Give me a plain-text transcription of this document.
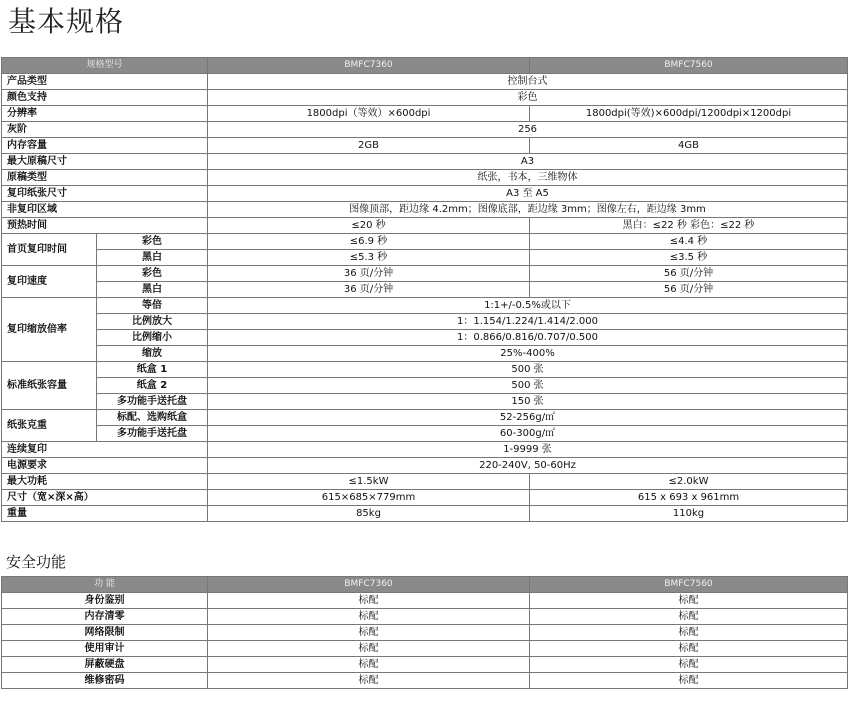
基本规格
规格型号		BMFC7360	BMFC7560
产品类型		控制台式	
颜色支持		彩色	
分辨率		1800dpi（等效）×600dpi	1800dpi(等效)×600dpi/1200dpi×1200dpi
灰阶		256	
内存容量		2GB	4GB
最大原稿尺寸		A3	
原稿类型		纸张，书本，三维物体	
复印纸张尺寸		A3 至 A5	
非复印区域		图像顶部，距边缘 4.2mm；图像底部，距边缘 3mm；图像左右，距边缘 3mm	
预热时间		≤20 秒	黑白：≤22 秒 彩色：≤22 秒
首页复印时间	彩色	≤6.9 秒	≤4.4 秒
	黑白	≤5.3 秒	≤3.5 秒
复印速度	彩色	36 页/分钟	56 页/分钟
	黑白	36 页/分钟	56 页/分钟
复印缩放倍率	等倍	1:1+/-0.5%或以下	
	比例放大	1：1.154/1.224/1.414/2.000	
	比例缩小	1：0.866/0.816/0.707/0.500	
	缩放	25%-400%	
标准纸张容量	纸盒 1	500 张	
	纸盒 2	500 张	
	多功能手送托盘	150 张	
纸张克重	标配、选购纸盒	52-256g/㎡	
	多功能手送托盘	60-300g/㎡	
连续复印		1-9999 张	
电源要求		220-240V, 50-60Hz	
最大功耗		≤1.5kW	≤2.0kW
尺寸（宽×深×高）		615×685×779mm	615 x 693 x 961mm
重量		85kg	110kg
安全功能
功 能	BMFC7360	BMFC7560
身份鉴别	标配	标配
内存清零	标配	标配
网络限制	标配	标配
使用审计	标配	标配
屏蔽硬盘	标配	标配
维修密码	标配	标配
